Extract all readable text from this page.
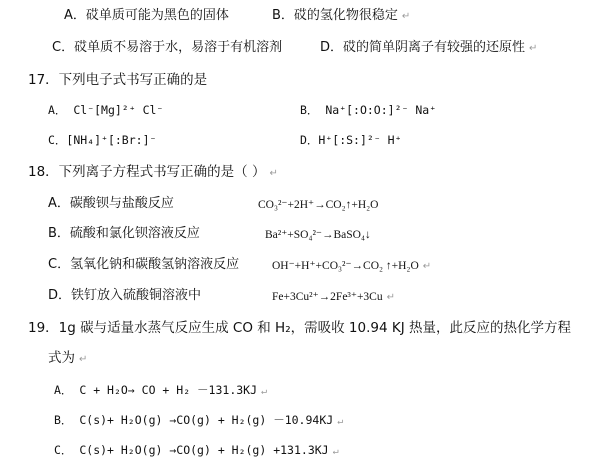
A．砹单质可能为黑色的固体	B．砹的氢化物很稳定 ↵
C．砹单质不易溶于水，易溶于有机溶剂	D．砹的简单阴离子有较强的还原性 ↵
17．下列电子式书写正确的是
A． Cl⁻[Mg]²⁺ Cl⁻	B． Na⁺[:O:O:]²⁻ Na⁺
C．[NH₄]⁺[:Br:]⁻	D．H⁺[:S:]²⁻ H⁺
18．下列离子方程式书写正确的是（ ） ↵
A．碳酸钡与盐酸反应	CO₃²⁻+2H⁺→CO₂↑+H₂O
B．硫酸和氯化钡溶液反应	Ba²⁺+SO₄²⁻→BaSO₄↓
C．氢氧化钠和碳酸氢钠溶液反应	OH⁻+H⁺+CO₃²⁻→CO₂ ↑+H₂O ↵
D．铁钉放入硫酸铜溶液中	Fe+3Cu²⁺→2Fe³⁺+3Cu ↵
19．1g 碳与适量水蒸气反应生成 CO 和 H₂，需吸收 10.94 KJ 热量，此反应的热化学方程
式为 ↵
A． C + H₂O→ CO + H₂ －131.3KJ ↵
B． C(s)+ H₂O(g) →CO(g) + H₂(g) －10.94KJ ↵
C． C(s)+ H₂O(g) →CO(g) + H₂(g) +131.3KJ ↵
